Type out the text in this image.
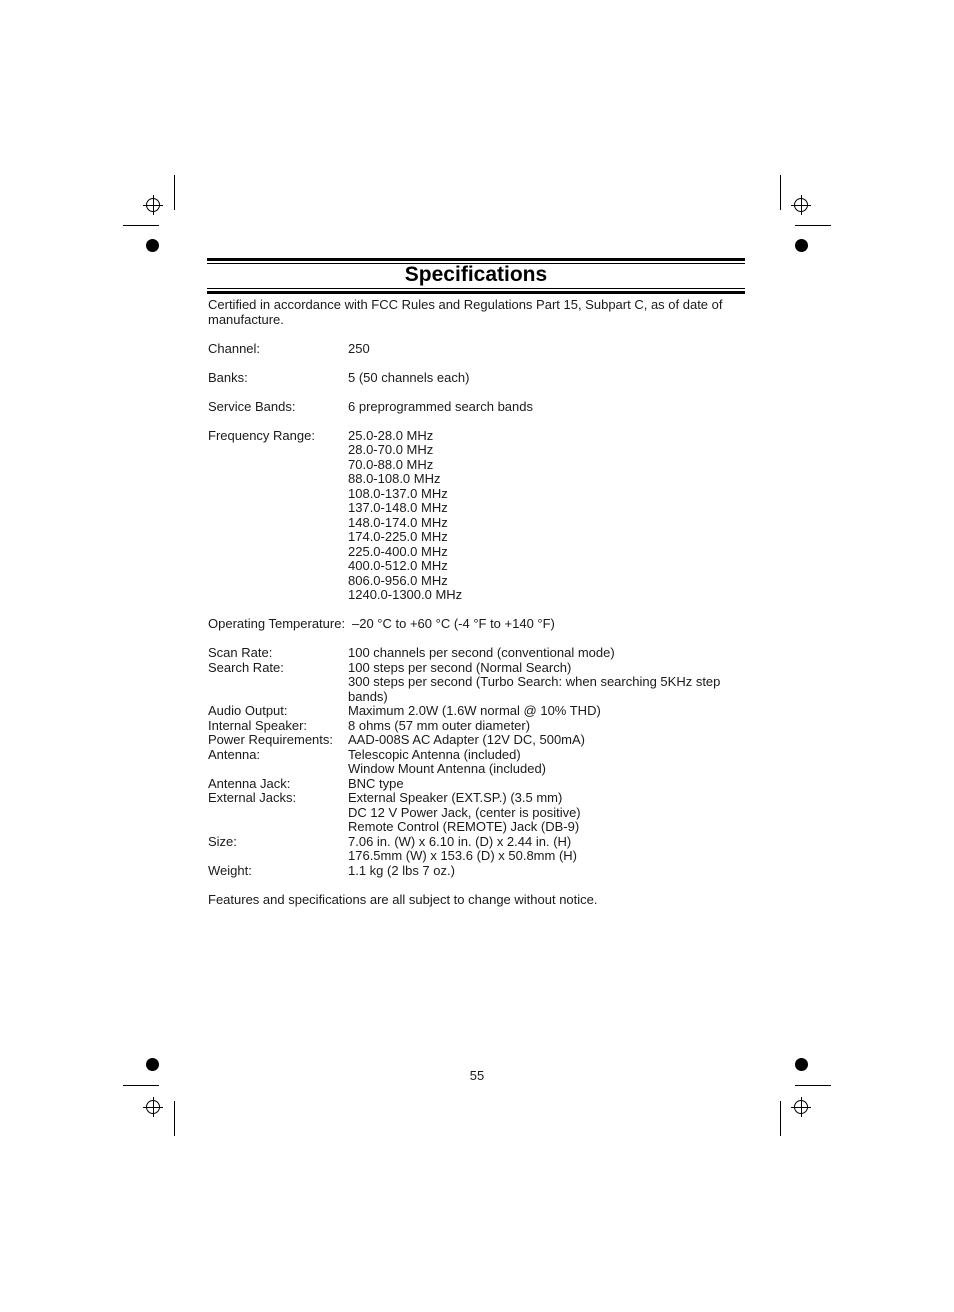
Specifications

Certified in accordance with FCC Rules and Regulations Part 15, Subpart C, as of date of manufacture.

Channel:	250
Banks:	5 (50 channels each)
Service Bands:	6 preprogrammed search bands
Frequency Range:	25.0-28.0 MHz
28.0-70.0 MHz
70.0-88.0 MHz
88.0-108.0 MHz
108.0-137.0 MHz
137.0-148.0 MHz
148.0-174.0 MHz
174.0-225.0 MHz
225.0-400.0 MHz
400.0-512.0 MHz
806.0-956.0 MHz
1240.0-1300.0 MHz
Operating Temperature: –20 °C to +60 °C (-4 °F to +140 °F)
Scan Rate:	100 channels per second (conventional mode)
Search Rate:	100 steps per second (Normal Search)
300 steps per second (Turbo Search: when searching 5KHz step bands)
Audio Output:	Maximum 2.0W (1.6W normal @ 10% THD)
Internal Speaker:	8 ohms (57 mm outer diameter)
Power Requirements:	AAD-008S AC Adapter (12V DC, 500mA)
Antenna:	Telescopic Antenna (included)
Window Mount Antenna (included)
Antenna Jack:	BNC type
External Jacks:	External Speaker (EXT.SP.) (3.5 mm)
DC 12 V Power Jack, (center is positive)
Remote Control (REMOTE) Jack (DB-9)
Size:	7.06 in. (W) x 6.10 in. (D) x 2.44 in. (H)
176.5mm (W) x 153.6 (D) x 50.8mm (H)
Weight:	1.1 kg (2 lbs 7 oz.)
Features and specifications are all subject to change without notice.
55
